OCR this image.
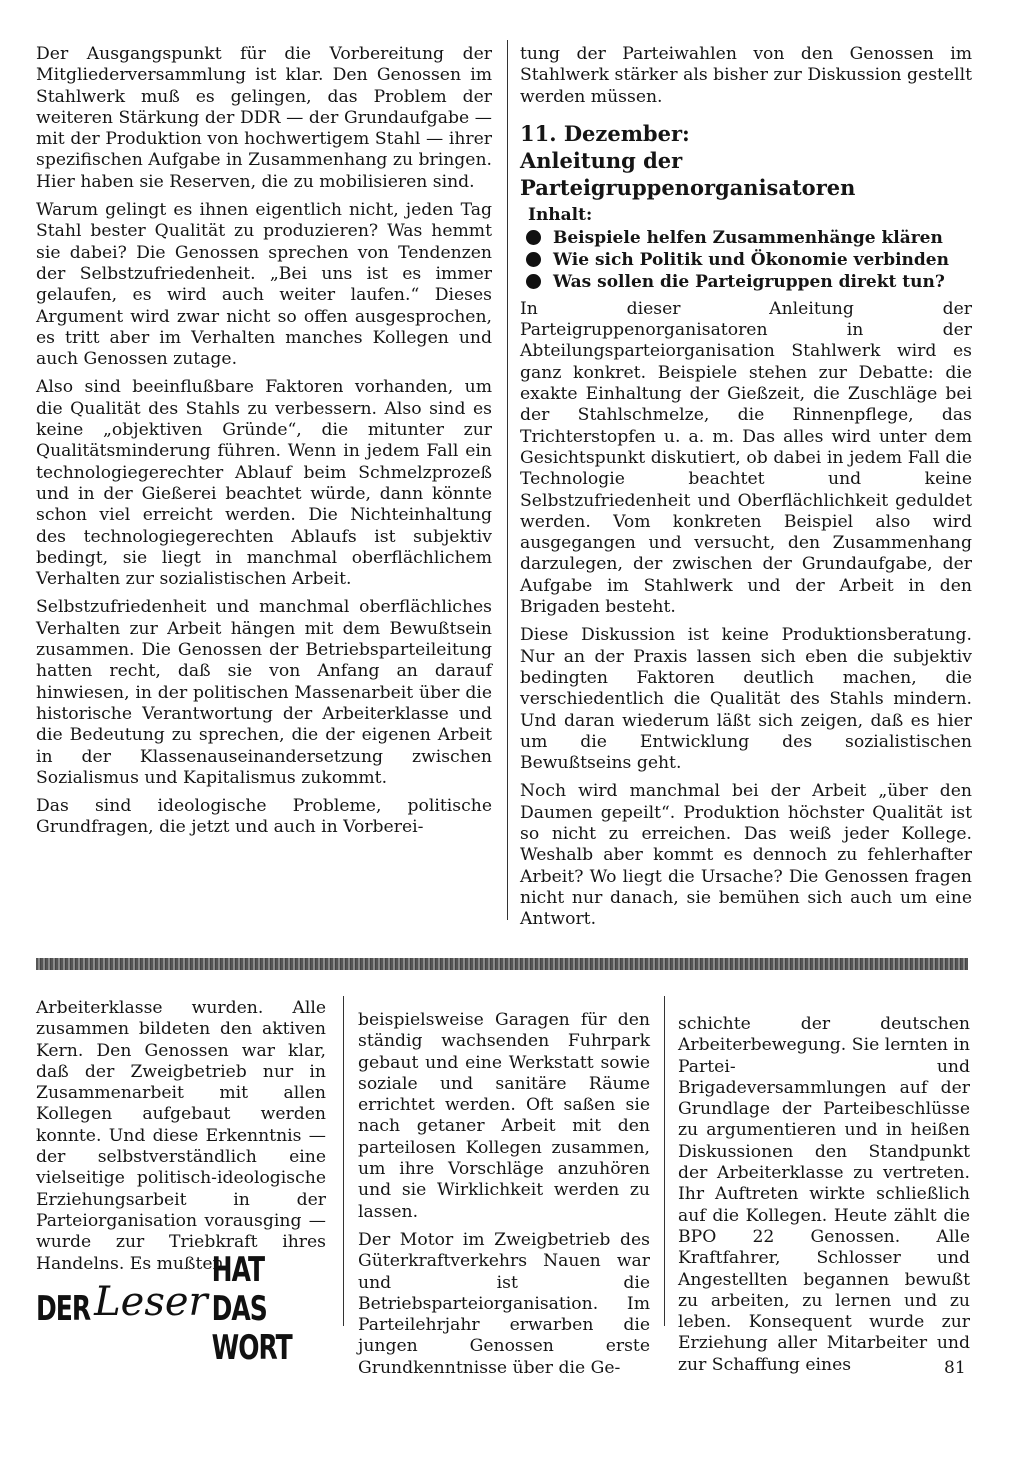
Der Ausgangspunkt für die Vorbereitung der Mitgliederversammlung ist klar. Den Genossen im Stahlwerk muß es gelingen, das Problem der weiteren Stärkung der DDR — der Grundaufgabe — mit der Produktion von hochwertigem Stahl — ihrer spezifischen Aufgabe in Zusammenhang zu bringen. Hier haben sie Reserven, die zu mobilisieren sind.

Warum gelingt es ihnen eigentlich nicht, jeden Tag Stahl bester Qualität zu produzieren? Was hemmt sie dabei? Die Genossen sprechen von Tendenzen der Selbstzufriedenheit. „Bei uns ist es immer gelaufen, es wird auch weiter laufen.“ Dieses Argument wird zwar nicht so offen ausgesprochen, es tritt aber im Verhalten manches Kollegen und auch Genossen zutage.

Also sind beeinflußbare Faktoren vorhanden, um die Qualität des Stahls zu verbessern. Also sind es keine „objektiven Gründe“, die mitunter zur Qualitätsminderung führen. Wenn in jedem Fall ein technologiegerechter Ablauf beim Schmelzprozeß und in der Gießerei beachtet würde, dann könnte schon viel erreicht werden. Die Nichteinhaltung des technologiegerechten Ablaufs ist subjektiv bedingt, sie liegt in manchmal oberflächlichem Verhalten zur sozialistischen Arbeit.

Selbstzufriedenheit und manchmal oberflächliches Verhalten zur Arbeit hängen mit dem Bewußtsein zusammen. Die Genossen der Betriebsparteileitung hatten recht, daß sie von Anfang an darauf hinwiesen, in der politischen Massenarbeit über die historische Verantwortung der Arbeiterklasse und die Bedeutung zu sprechen, die der eigenen Arbeit in der Klassenauseinandersetzung zwischen Sozialismus und Kapitalismus zukommt.

Das sind ideologische Probleme, politische Grundfragen, die jetzt und auch in Vorberei-

tung der Parteiwahlen von den Genossen im Stahlwerk stärker als bisher zur Diskussion gestellt werden müssen.

11. Dezember:
Anleitung der Parteigruppenorganisatoren
Inhalt:
Beispiele helfen Zusammenhänge klären
Wie sich Politik und Ökonomie verbinden
Was sollen die Parteigruppen direkt tun?

In dieser Anleitung der Parteigruppenorganisatoren in der Abteilungsparteiorganisation Stahlwerk wird es ganz konkret. Beispiele stehen zur Debatte: die exakte Einhaltung der Gießzeit, die Zuschläge bei der Stahlschmelze, die Rinnenpflege, das Trichterstopfen u. a. m. Das alles wird unter dem Gesichtspunkt diskutiert, ob dabei in jedem Fall die Technologie beachtet und keine Selbstzufriedenheit und Oberflächlichkeit geduldet werden. Vom konkreten Beispiel also wird ausgegangen und versucht, den Zusammenhang darzulegen, der zwischen der Grundaufgabe, der Aufgabe im Stahlwerk und der Arbeit in den Brigaden besteht.

Diese Diskussion ist keine Produktionsberatung. Nur an der Praxis lassen sich eben die subjektiv bedingten Faktoren deutlich machen, die verschiedentlich die Qualität des Stahls mindern. Und daran wiederum läßt sich zeigen, daß es hier um die Entwicklung des sozialistischen Bewußtseins geht.

Noch wird manchmal bei der Arbeit „über den Daumen gepeilt“. Produktion höchster Qualität ist so nicht zu erreichen. Das weiß jeder Kollege. Weshalb aber kommt es dennoch zu fehlerhafter Arbeit? Wo liegt die Ursache? Die Genossen fragen nicht nur danach, sie bemühen sich auch um eine Antwort.

Arbeiterklasse wurden. Alle zusammen bildeten den aktiven Kern. Den Genossen war klar, daß der Zweigbetrieb nur in Zusammenarbeit mit allen Kollegen aufgebaut werden konnte. Und diese Erkenntnis — der selbstverständlich eine vielseitige politisch-ideologische Erziehungsarbeit in der Parteiorganisation vorausging — wurde zur Triebkraft ihres Handelns. Es mußten

DER Leser
HAT DAS WORT

beispielsweise Garagen für den ständig wachsenden Fuhrpark gebaut und eine Werkstatt sowie soziale und sanitäre Räume errichtet werden. Oft saßen sie nach getaner Arbeit mit den parteilosen Kollegen zusammen, um ihre Vorschläge anzuhören und sie Wirklichkeit werden zu lassen.

Der Motor im Zweigbetrieb des Güterkraftverkehrs Nauen war und ist die Betriebsparteiorganisation. Im Parteilehrjahr erwarben die jungen Genossen erste Grundkenntnisse über die Ge-

schichte der deutschen Arbeiterbewegung. Sie lernten in Partei- und Brigadeversammlungen auf der Grundlage der Parteibeschlüsse zu argumentieren und in heißen Diskussionen den Standpunkt der Arbeiterklasse zu vertreten. Ihr Auftreten wirkte schließlich auf die Kollegen. Heute zählt die BPO 22 Genossen. Alle Kraftfahrer, Schlosser und Angestellten begannen bewußt zu arbeiten, zu lernen und zu leben. Konsequent wurde zur Erziehung aller Mitarbeiter und zur Schaffung eines	81
